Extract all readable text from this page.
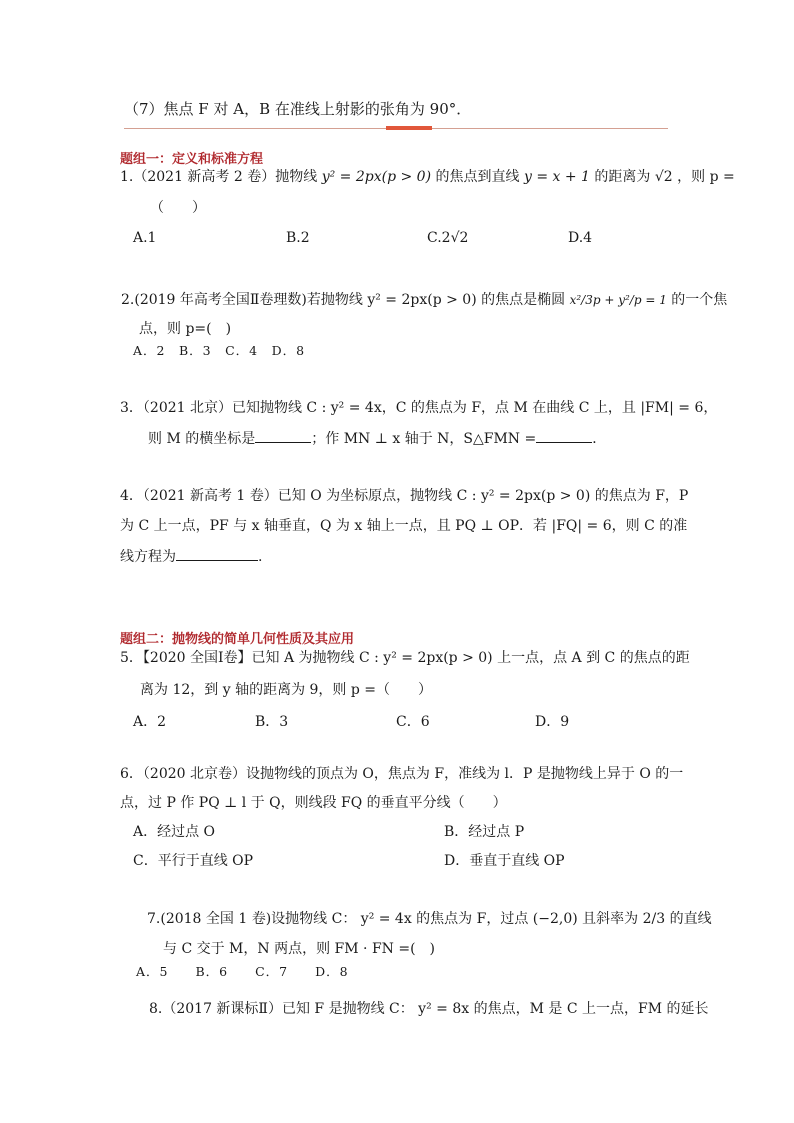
（7）焦点 F 对 A，B 在准线上射影的张角为 90°．
题组一：定义和标准方程
1.（2021 新高考 2 卷）抛物线 y² = 2px(p > 0) 的焦点到直线 y = x + 1 的距离为 √2 ，则 p =
（　　）
A.1	B.2	C.2√2	D.4
2.(2019 年高考全国Ⅱ卷理数)若抛物线 y² = 2px(p > 0) 的焦点是椭圆 x²/3p + y²/p = 1 的一个焦
点，则 p=(　)
A．2　B．3　C．4　D．8
3．（2021 北京）已知抛物线 C : y² = 4x，C 的焦点为 F，点 M 在曲线 C 上，且 |FM| = 6，
则 M 的横坐标是	；作 MN ⊥ x 轴于 N，S△FMN =	．
4．（2021 新高考 1 卷）已知 O 为坐标原点，抛物线 C : y² = 2px(p > 0) 的焦点为 F，P
为 C 上一点，PF 与 x 轴垂直，Q 为 x 轴上一点，且 PQ ⊥ OP．若 |FQ| = 6，则 C 的准
线方程为	.
题组二：抛物线的简单几何性质及其应用
5．【2020 全国Ⅰ卷】已知 A 为抛物线 C : y² = 2px(p > 0) 上一点，点 A 到 C 的焦点的距
离为 12，到 y 轴的距离为 9，则 p =（　　）
A．2	B．3	C．6	D．9
6．（2020 北京卷）设抛物线的顶点为 O，焦点为 F，准线为 l．P 是抛物线上异于 O 的一
点，过 P 作 PQ ⊥ l 于 Q，则线段 FQ 的垂直平分线（　　）
A．经过点 O	B．经过点 P
C．平行于直线 OP	D．垂直于直线 OP
7.(2018 全国 1 卷)设抛物线 C： y² = 4x 的焦点为 F，过点 (−2,0) 且斜率为 2/3 的直线
与 C 交于 M，N 两点，则 FM · FN =(　)
A．5　　B．6　　C．7　　D．8
8.（2017 新课标Ⅱ）已知 F 是抛物线 C： y² = 8x 的焦点，M 是 C 上一点，FM 的延长
